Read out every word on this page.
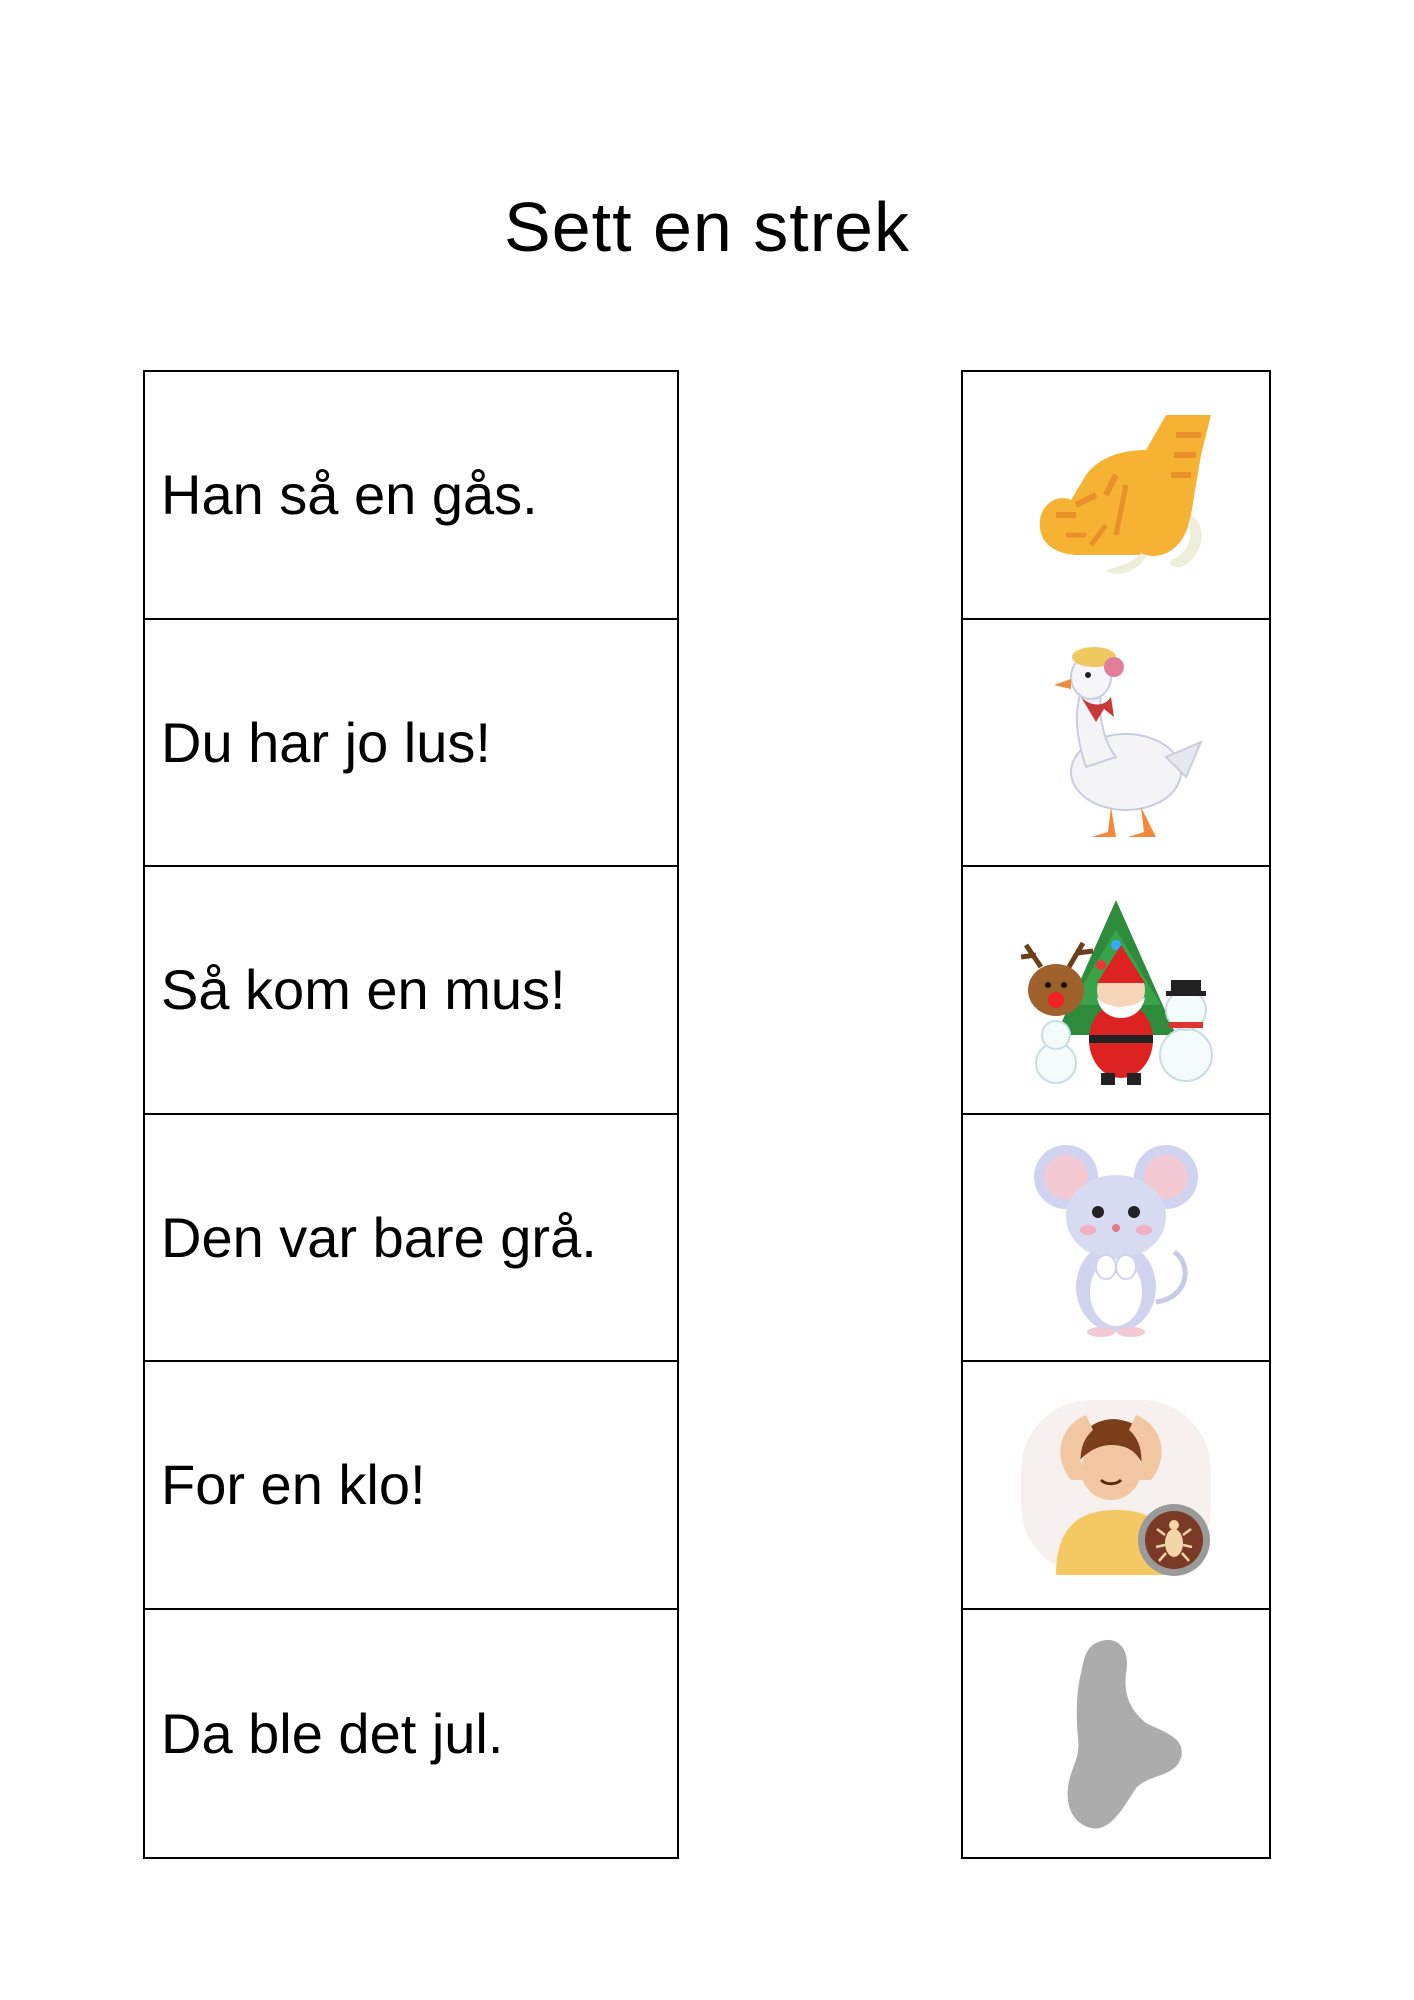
Sett en strek
Han så en gås.
Du har jo lus!
Så kom en mus!
Den var bare grå.
For en klo!
Da ble det jul.
